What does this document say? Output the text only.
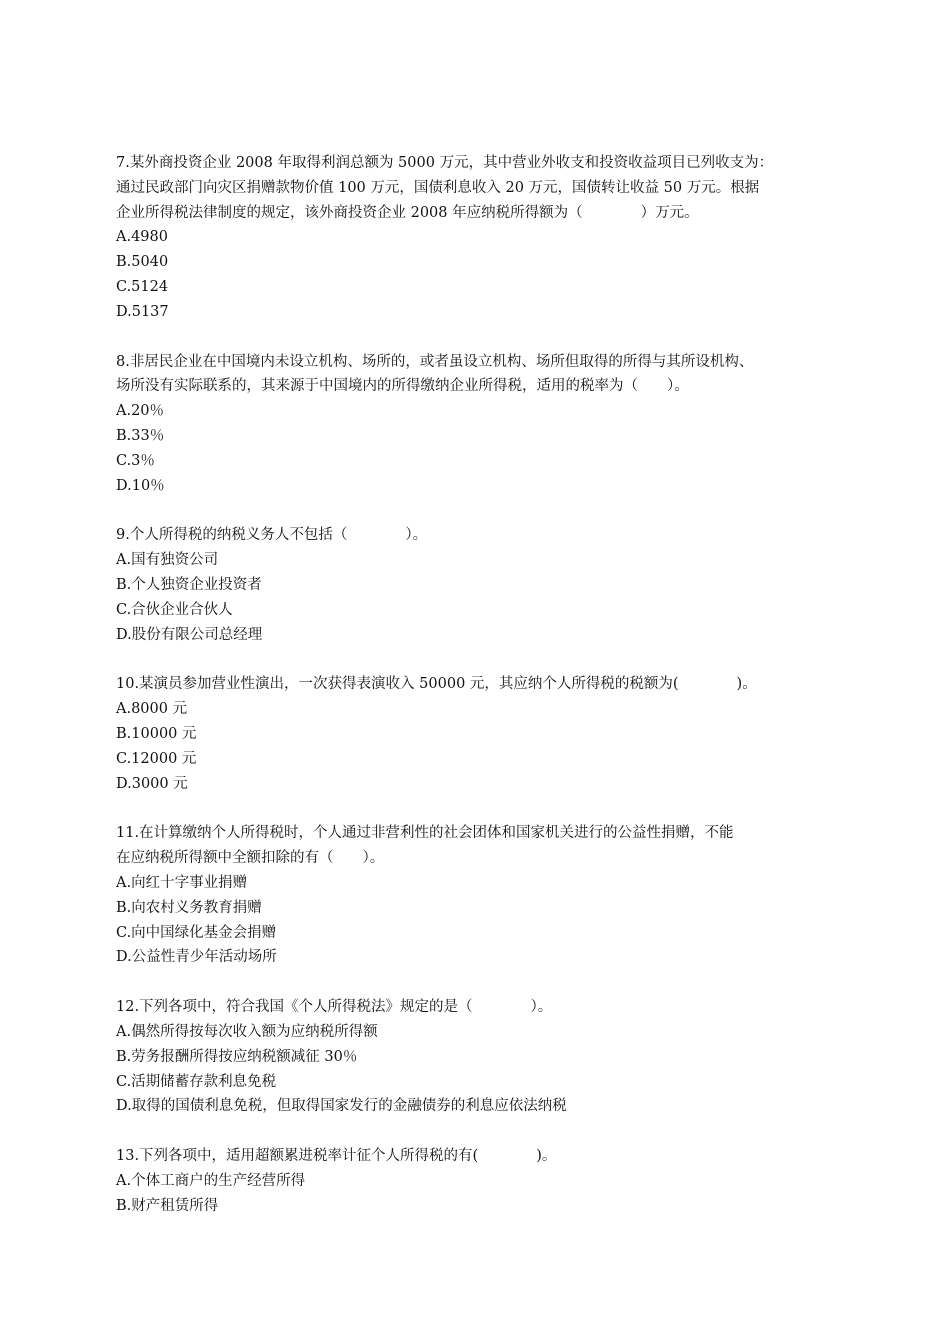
7.某外商投资企业 2008 年取得利润总额为 5000 万元，其中营业外收支和投资收益项目已列收支为：

通过民政部门向灾区捐赠款物价值 100 万元，国债利息收入 20 万元，国债转让收益 50 万元。根据

企业所得税法律制度的规定，该外商投资企业 2008 年应纳税所得额为（　　　　）万元。

A.4980

B.5040

C.5124

D.5137

8.非居民企业在中国境内未设立机构、场所的，或者虽设立机构、场所但取得的所得与其所设机构、

场所没有实际联系的，其来源于中国境内的所得缴纳企业所得税，适用的税率为（　　）。

A.20％

B.33％

C.3％

D.10％

9.个人所得税的纳税义务人不包括（　　　　）。

A.国有独资公司

B.个人独资企业投资者

C.合伙企业合伙人

D.股份有限公司总经理

10.某演员参加营业性演出，一次获得表演收入 50000 元，其应纳个人所得税的税额为(　　　　)。

A.8000 元

B.10000 元

C.12000 元

D.3000 元

11.在计算缴纳个人所得税时，个人通过非营利性的社会团体和国家机关进行的公益性捐赠，不能

在应纳税所得额中全额扣除的有（　　）。

A.向红十字事业捐赠

B.向农村义务教育捐赠

C.向中国绿化基金会捐赠

D.公益性青少年活动场所

12.下列各项中，符合我国《个人所得税法》规定的是（　　　　）。

A.偶然所得按每次收入额为应纳税所得额

B.劳务报酬所得按应纳税额减征 30％

C.活期储蓄存款利息免税

D.取得的国债利息免税，但取得国家发行的金融债券的利息应依法纳税

13.下列各项中，适用超额累进税率计征个人所得税的有(　　　　)。

A.个体工商户的生产经营所得

B.财产租赁所得
